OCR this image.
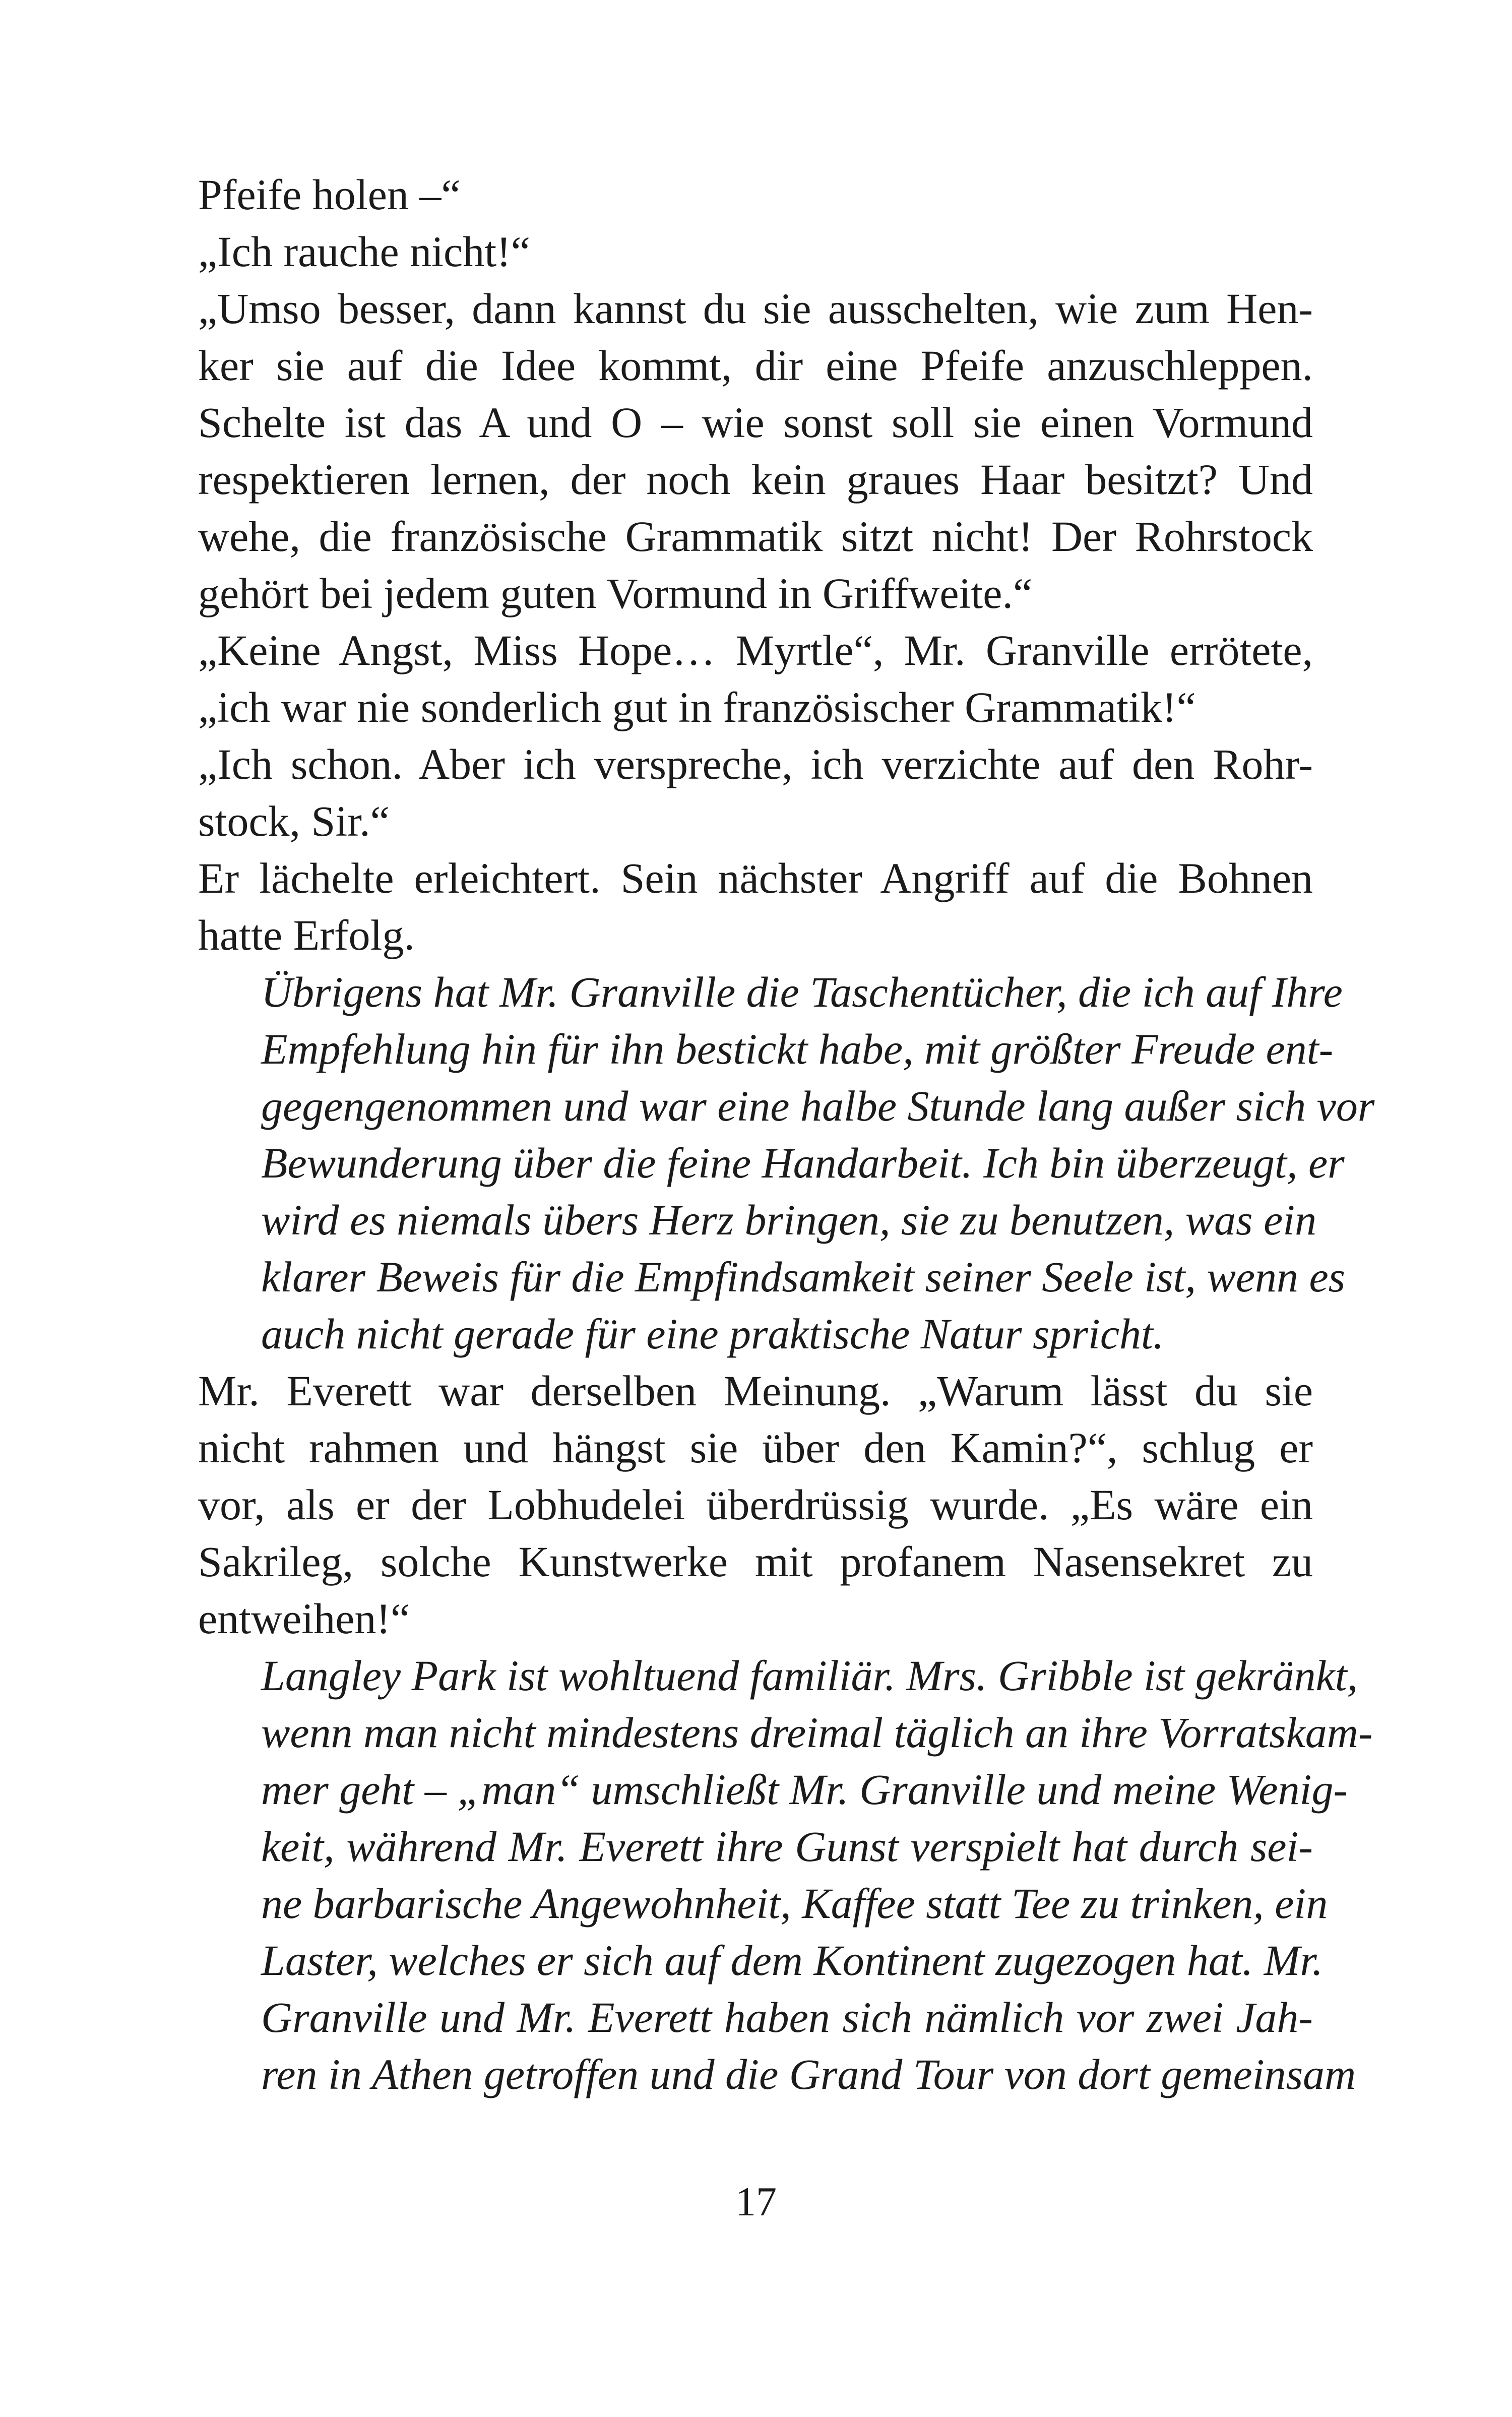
Pfeife holen –“
„Ich rauche nicht!“
„Umso besser, dann kannst du sie ausschelten, wie zum Hen-
ker sie auf die Idee kommt, dir eine Pfeife anzuschleppen.
Schelte ist das A und O – wie sonst soll sie einen Vormund
respektieren lernen, der noch kein graues Haar besitzt? Und
wehe, die französische Grammatik sitzt nicht! Der Rohrstock
gehört bei jedem guten Vormund in Griffweite.“
„Keine Angst, Miss Hope… Myrtle“, Mr. Granville errötete,
„ich war nie sonderlich gut in französischer Grammatik!“
„Ich schon. Aber ich verspreche, ich verzichte auf den Rohr-
stock, Sir.“
Er lächelte erleichtert. Sein nächster Angriff auf die Bohnen
hatte Erfolg.
Übrigens hat Mr. Granville die Taschentücher, die ich auf Ihre
Empfehlung hin für ihn bestickt habe, mit größter Freude ent-
gegengenommen und war eine halbe Stunde lang außer sich vor
Bewunderung über die feine Handarbeit. Ich bin überzeugt, er
wird es niemals übers Herz bringen, sie zu benutzen, was ein
klarer Beweis für die Empfindsamkeit seiner Seele ist, wenn es
auch nicht gerade für eine praktische Natur spricht.
Mr. Everett war derselben Meinung. „Warum lässt du sie
nicht rahmen und hängst sie über den Kamin?“, schlug er
vor, als er der Lobhudelei überdrüssig wurde. „Es wäre ein
Sakrileg, solche Kunstwerke mit profanem Nasensekret zu
entweihen!“
Langley Park ist wohltuend familiär. Mrs. Gribble ist gekränkt,
wenn man nicht mindestens dreimal täglich an ihre Vorratskam-
mer geht – „man“ umschließt Mr. Granville und meine Wenig-
keit, während Mr. Everett ihre Gunst verspielt hat durch sei-
ne barbarische Angewohnheit, Kaffee statt Tee zu trinken, ein
Laster, welches er sich auf dem Kontinent zugezogen hat. Mr.
Granville und Mr. Everett haben sich nämlich vor zwei Jah-
ren in Athen getroffen und die Grand Tour von dort gemeinsam
17
